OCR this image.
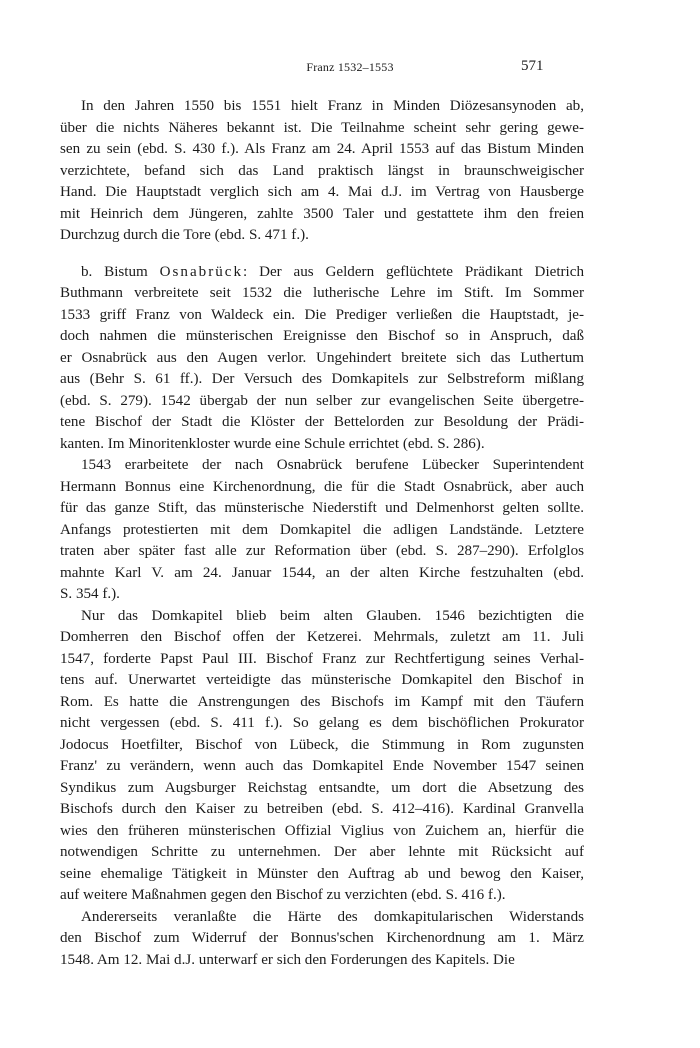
Franz 1532–1553	571
In den Jahren 1550 bis 1551 hielt Franz in Minden Diözesansynoden ab,
über die nichts Näheres bekannt ist. Die Teilnahme scheint sehr gering gewe-
sen zu sein (ebd. S. 430 f.). Als Franz am 24. April 1553 auf das Bistum Minden
verzichtete, befand sich das Land praktisch längst in braunschweigischer
Hand. Die Hauptstadt verglich sich am 4. Mai d.J. im Vertrag von Hausberge
mit Heinrich dem Jüngeren, zahlte 3500 Taler und gestattete ihm den freien
Durchzug durch die Tore (ebd. S. 471 f.).
b. Bistum Osnabrück: Der aus Geldern geflüchtete Prädikant Dietrich
Buthmann verbreitete seit 1532 die lutherische Lehre im Stift. Im Sommer
1533 griff Franz von Waldeck ein. Die Prediger verließen die Hauptstadt, je-
doch nahmen die münsterischen Ereignisse den Bischof so in Anspruch, daß
er Osnabrück aus den Augen verlor. Ungehindert breitete sich das Luthertum
aus (Behr S. 61 ff.). Der Versuch des Domkapitels zur Selbstreform mißlang
(ebd. S. 279). 1542 übergab der nun selber zur evangelischen Seite übergetre-
tene Bischof der Stadt die Klöster der Bettelorden zur Besoldung der Prädi-
kanten. Im Minoritenkloster wurde eine Schule errichtet (ebd. S. 286).
1543 erarbeitete der nach Osnabrück berufene Lübecker Superintendent
Hermann Bonnus eine Kirchenordnung, die für die Stadt Osnabrück, aber auch
für das ganze Stift, das münsterische Niederstift und Delmenhorst gelten sollte.
Anfangs protestierten mit dem Domkapitel die adligen Landstände. Letztere
traten aber später fast alle zur Reformation über (ebd. S. 287–290). Erfolglos
mahnte Karl V. am 24. Januar 1544, an der alten Kirche festzuhalten (ebd.
S. 354 f.).
Nur das Domkapitel blieb beim alten Glauben. 1546 bezichtigten die
Domherren den Bischof offen der Ketzerei. Mehrmals, zuletzt am 11. Juli
1547, forderte Papst Paul III. Bischof Franz zur Rechtfertigung seines Verhal-
tens auf. Unerwartet verteidigte das münsterische Domkapitel den Bischof in
Rom. Es hatte die Anstrengungen des Bischofs im Kampf mit den Täufern
nicht vergessen (ebd. S. 411 f.). So gelang es dem bischöflichen Prokurator
Jodocus Hoetfilter, Bischof von Lübeck, die Stimmung in Rom zugunsten
Franz' zu verändern, wenn auch das Domkapitel Ende November 1547 seinen
Syndikus zum Augsburger Reichstag entsandte, um dort die Absetzung des
Bischofs durch den Kaiser zu betreiben (ebd. S. 412–416). Kardinal Granvella
wies den früheren münsterischen Offizial Viglius von Zuichem an, hierfür die
notwendigen Schritte zu unternehmen. Der aber lehnte mit Rücksicht auf
seine ehemalige Tätigkeit in Münster den Auftrag ab und bewog den Kaiser,
auf weitere Maßnahmen gegen den Bischof zu verzichten (ebd. S. 416 f.).
Andererseits veranlaßte die Härte des domkapitularischen Widerstands
den Bischof zum Widerruf der Bonnus'schen Kirchenordnung am 1. März
1548. Am 12. Mai d.J. unterwarf er sich den Forderungen des Kapitels. Die
